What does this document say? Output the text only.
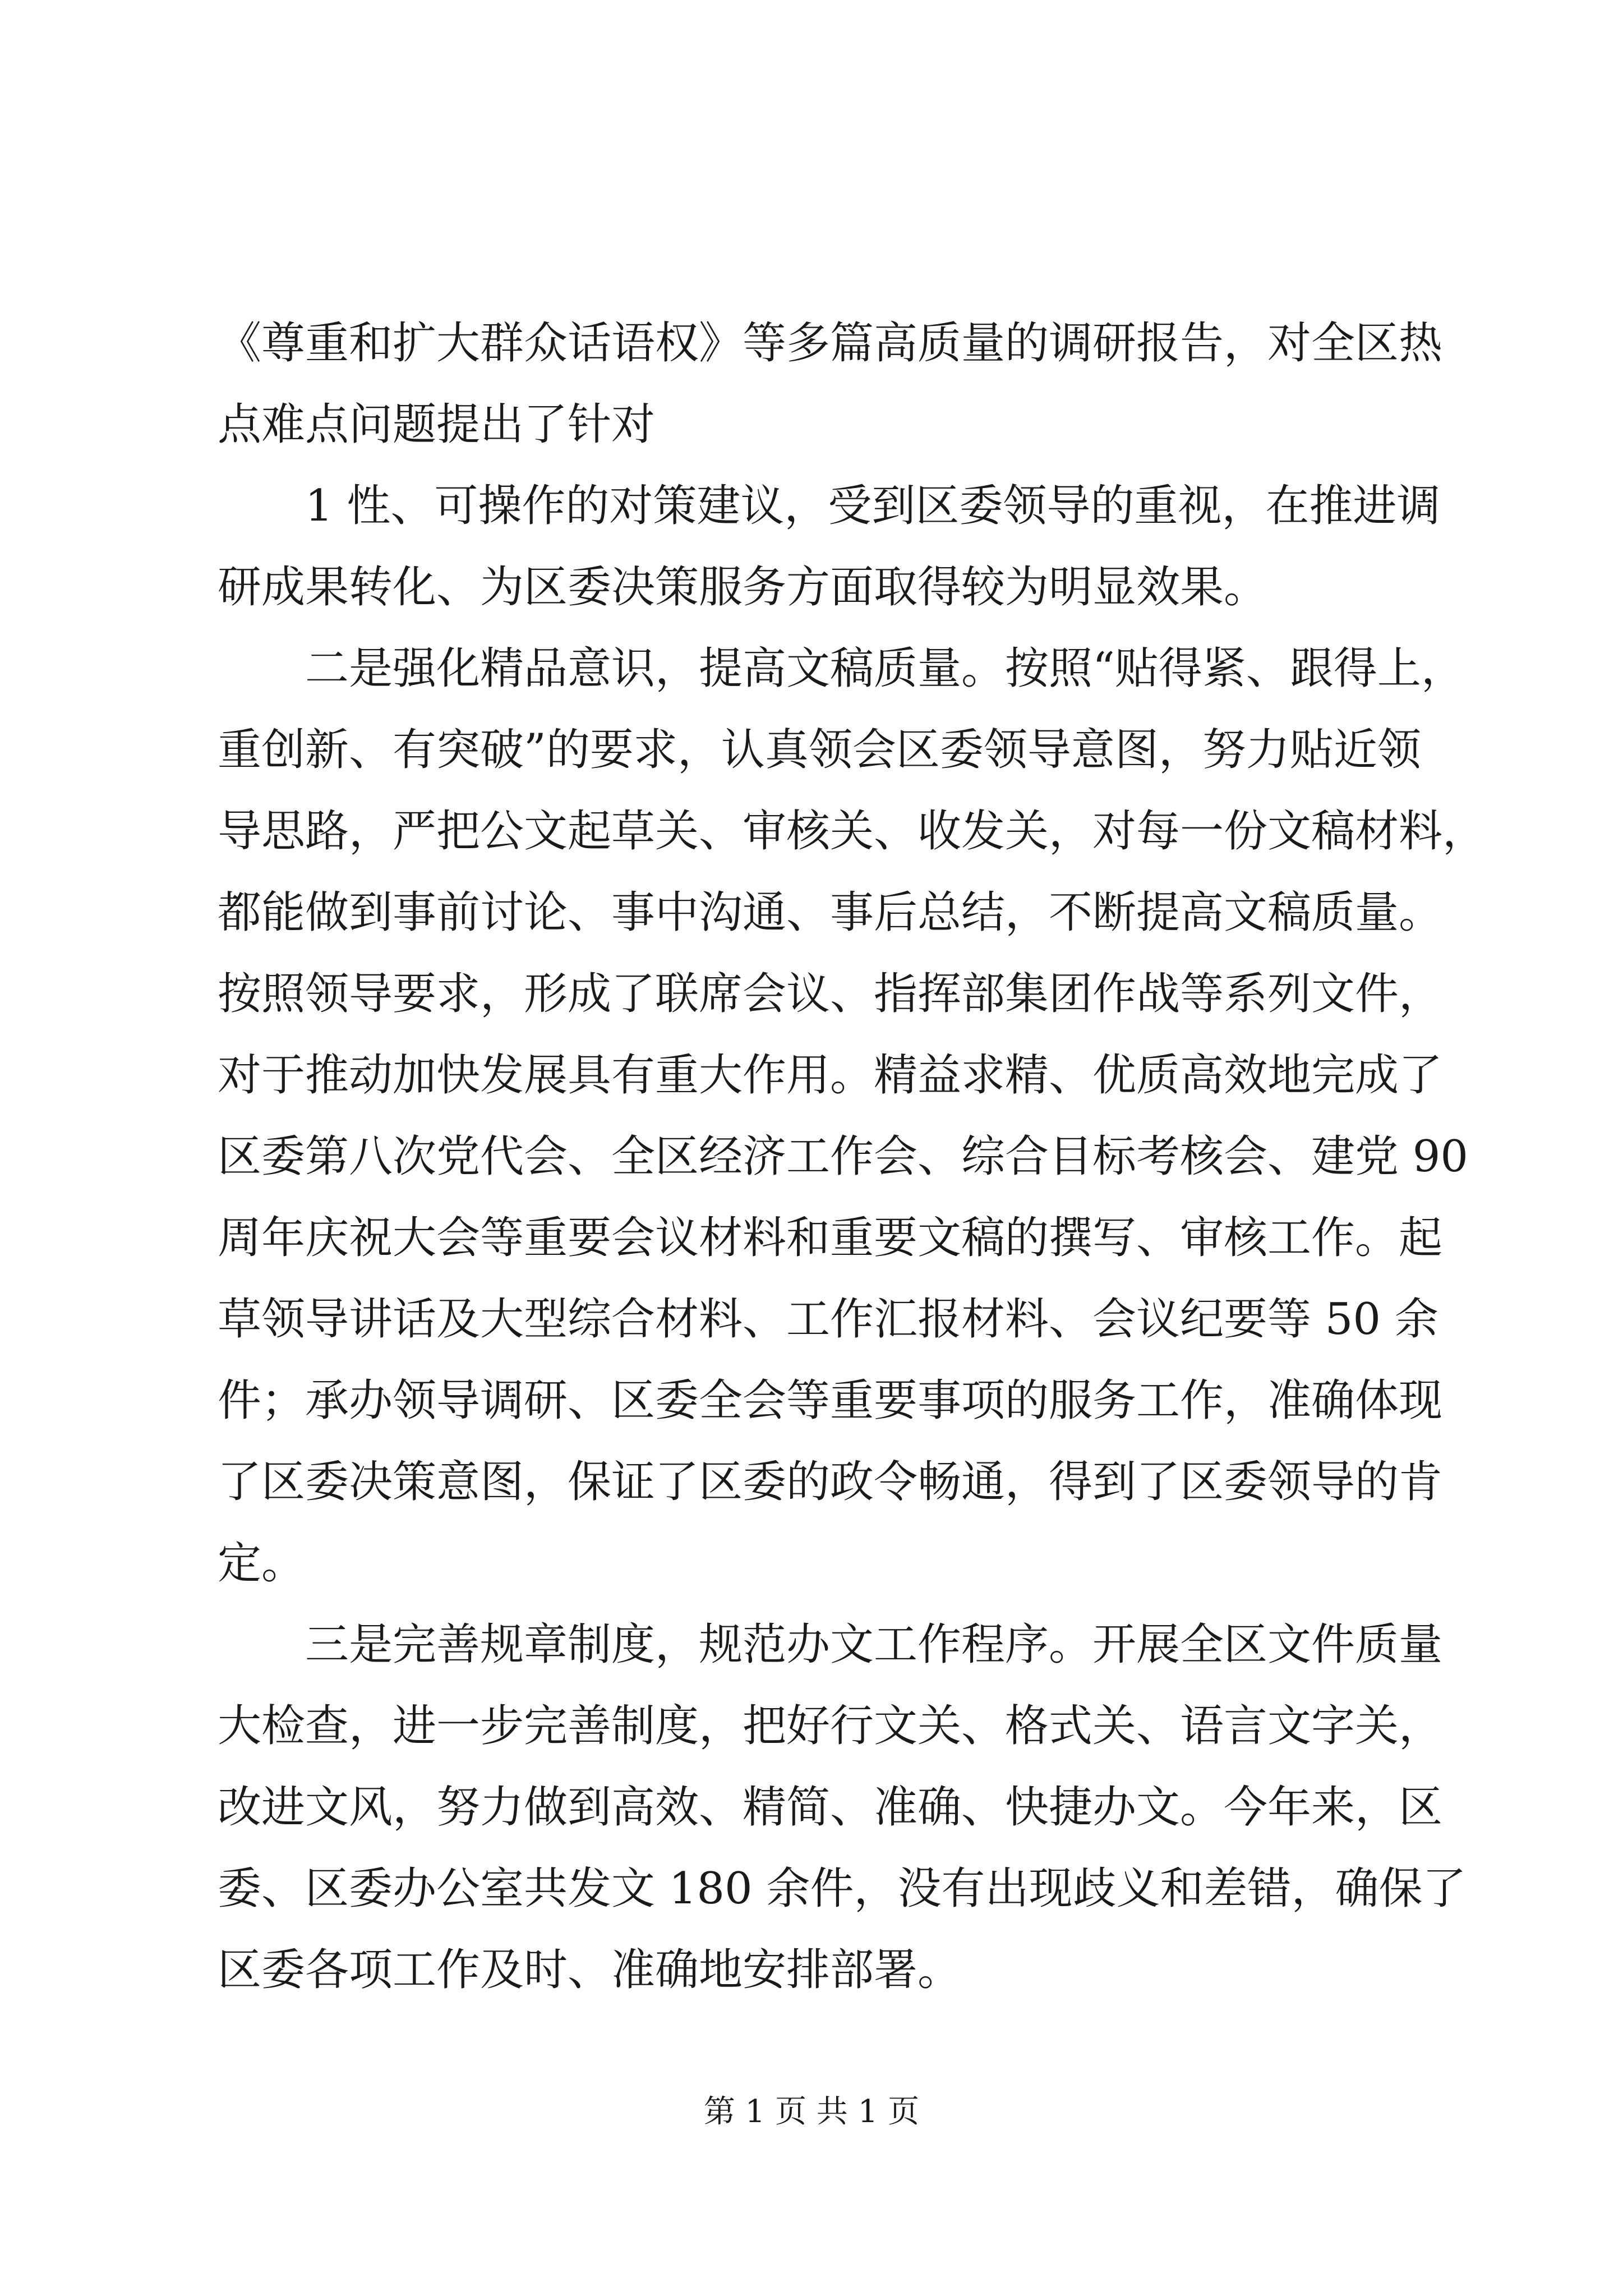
《尊重和扩大群众话语权》等多篇高质量的调研报告，对全区热
点难点问题提出了针对
1 性、可操作的对策建议，受到区委领导的重视，在推进调
研成果转化、为区委决策服务方面取得较为明显效果。
二是强化精品意识，提高文稿质量。按照“贴得紧、跟得上，
重创新、有突破”的要求，认真领会区委领导意图，努力贴近领
导思路，严把公文起草关、审核关、收发关，对每一份文稿材料，
都能做到事前讨论、事中沟通、事后总结，不断提高文稿质量。
按照领导要求，形成了联席会议、指挥部集团作战等系列文件，
对于推动加快发展具有重大作用。精益求精、优质高效地完成了
区委第八次党代会、全区经济工作会、综合目标考核会、建党 90
周年庆祝大会等重要会议材料和重要文稿的撰写、审核工作。起
草领导讲话及大型综合材料、工作汇报材料、会议纪要等 50 余
件；承办领导调研、区委全会等重要事项的服务工作，准确体现
了区委决策意图，保证了区委的政令畅通，得到了区委领导的肯
定。
三是完善规章制度，规范办文工作程序。开展全区文件质量
大检查，进一步完善制度，把好行文关、格式关、语言文字关，
改进文风，努力做到高效、精简、准确、快捷办文。今年来，区
委、区委办公室共发文 180 余件，没有出现歧义和差错，确保了
区委各项工作及时、准确地安排部署。
第 1 页 共 1 页
